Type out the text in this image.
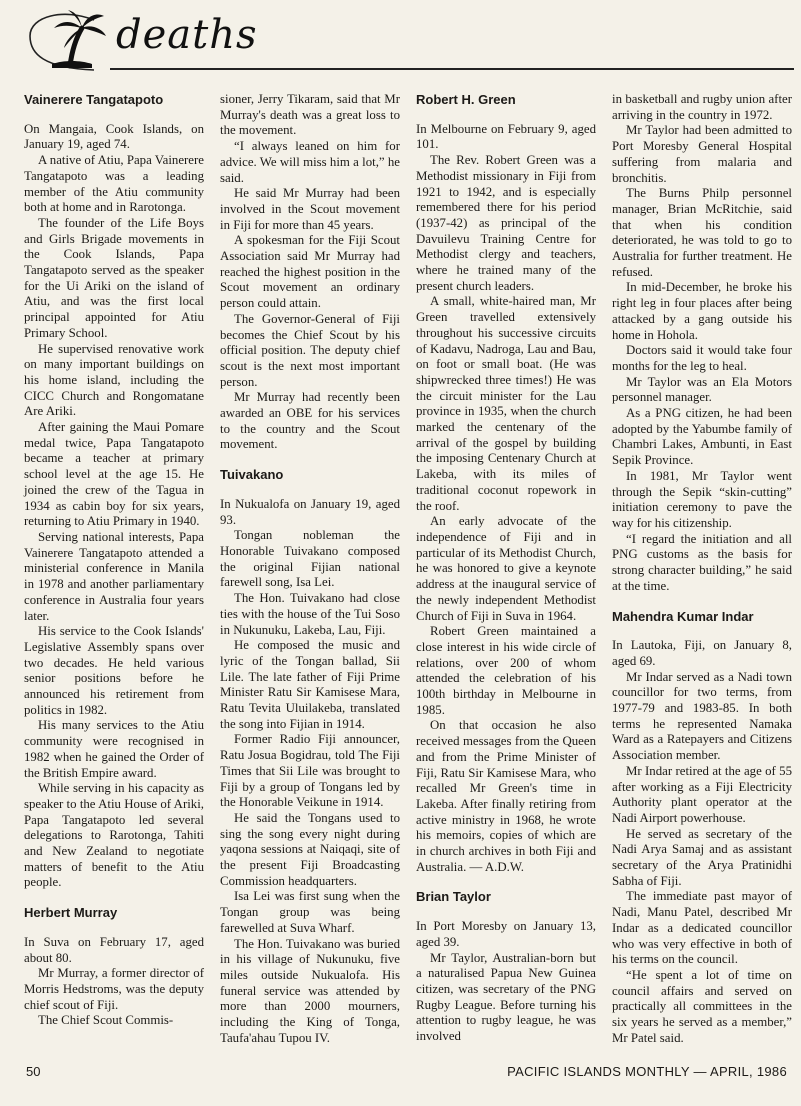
deaths

Vainerere Tangatapoto

On Mangaia, Cook Islands, on January 19, aged 74.

A native of Atiu, Papa Vainerere Tangatapoto was a leading member of the Atiu community both at home and in Rarotonga.

The founder of the Life Boys and Girls Brigade movements in the Cook Islands, Papa Tangatapoto served as the speaker for the Ui Ariki on the island of Atiu, and was the first local principal appointed for Atiu Primary School.

He supervised renovative work on many important buildings on his home island, including the CICC Church and Rongomatane Are Ariki.

After gaining the Maui Pomare medal twice, Papa Tangatapoto became a teacher at primary school level at the age 15. He joined the crew of the Tagua in 1934 as cabin boy for six years, returning to Atiu Primary in 1940.

Serving national interests, Papa Vainerere Tangatapoto attended a ministerial conference in Manila in 1978 and another parliamentary conference in Australia four years later.

His service to the Cook Islands' Legislative Assembly spans over two decades. He held various senior positions before he announced his retirement from politics in 1982.

His many services to the Atiu community were recognised in 1982 when he gained the Order of the British Empire award.

While serving in his capacity as speaker to the Atiu House of Ariki, Papa Tangatapoto led several delegations to Rarotonga, Tahiti and New Zealand to negotiate matters of benefit to the Atiu people.

Herbert Murray

In Suva on February 17, aged about 80.

Mr Murray, a former director of Morris Hedstroms, was the deputy chief scout of Fiji.

The Chief Scout Commis-

sioner, Jerry Tikaram, said that Mr Murray's death was a great loss to the movement.

“I always leaned on him for advice. We will miss him a lot,” he said.

He said Mr Murray had been involved in the Scout movement in Fiji for more than 45 years.

A spokesman for the Fiji Scout Association said Mr Murray had reached the highest position in the Scout movement an ordinary person could attain.

The Governor-General of Fiji becomes the Chief Scout by his official position. The deputy chief scout is the next most important person.

Mr Murray had recently been awarded an OBE for his services to the country and the Scout movement.

Tuivakano

In Nukualofa on January 19, aged 93.

Tongan nobleman the Honorable Tuivakano composed the original Fijian national farewell song, Isa Lei.

The Hon. Tuivakano had close ties with the house of the Tui Soso in Nukunuku, Lakeba, Lau, Fiji.

He composed the music and lyric of the Tongan ballad, Sii Lile. The late father of Fiji Prime Minister Ratu Sir Kamisese Mara, Ratu Tevita Uluilakeba, translated the song into Fijian in 1914.

Former Radio Fiji announcer, Ratu Josua Bogidrau, told The Fiji Times that Sii Lile was brought to Fiji by a group of Tongans led by the Honorable Veikune in 1914.

He said the Tongans used to sing the song every night during yaqona sessions at Naiqaqi, site of the present Fiji Broadcasting Commission headquarters.

Isa Lei was first sung when the Tongan group was being farewelled at Suva Wharf.

The Hon. Tuivakano was buried in his village of Nukunuku, five miles outside Nukualofa. His funeral service was attended by more than 2000 mourners, including the King of Tonga, Taufa'ahau Tupou IV.

Robert H. Green

In Melbourne on February 9, aged 101.

The Rev. Robert Green was a Methodist missionary in Fiji from 1921 to 1942, and is especially remembered there for his period (1937-42) as principal of the Davuilevu Training Centre for Methodist clergy and teachers, where he trained many of the present church leaders.

A small, white-haired man, Mr Green travelled extensively throughout his successive circuits of Kadavu, Nadroga, Lau and Bau, on foot or small boat. (He was shipwrecked three times!) He was the circuit minister for the Lau province in 1935, when the church marked the centenary of the arrival of the gospel by building the imposing Centenary Church at Lakeba, with its miles of traditional coconut ropework in the roof.

An early advocate of the independence of Fiji and in particular of its Methodist Church, he was honored to give a keynote address at the inaugural service of the newly independent Methodist Church of Fiji in Suva in 1964.

Robert Green maintained a close interest in his wide circle of relations, over 200 of whom attended the celebration of his 100th birthday in Melbourne in 1985.

On that occasion he also received messages from the Queen and from the Prime Minister of Fiji, Ratu Sir Kamisese Mara, who recalled Mr Green's time in Lakeba. After finally retiring from active ministry in 1968, he wrote his memoirs, copies of which are in church archives in both Fiji and Australia. — A.D.W.

Brian Taylor

In Port Moresby on January 13, aged 39.

Mr Taylor, Australian-born but a naturalised Papua New Guinea citizen, was secretary of the PNG Rugby League. Before turning his attention to rugby league, he was involved

in basketball and rugby union after arriving in the country in 1972.

Mr Taylor had been admitted to Port Moresby General Hospital suffering from malaria and bronchitis.

The Burns Philp personnel manager, Brian McRitchie, said that when his condition deteriorated, he was told to go to Australia for further treatment. He refused.

In mid-December, he broke his right leg in four places after being attacked by a gang outside his home in Hohola.

Doctors said it would take four months for the leg to heal.

Mr Taylor was an Ela Motors personnel manager.

As a PNG citizen, he had been adopted by the Yabumbe family of Chambri Lakes, Ambunti, in East Sepik Province.

In 1981, Mr Taylor went through the Sepik “skin-cutting” initiation ceremony to pave the way for his citizenship.

“I regard the initiation and all PNG customs as the basis for strong character building,” he said at the time.

Mahendra Kumar Indar

In Lautoka, Fiji, on January 8, aged 69.

Mr Indar served as a Nadi town councillor for two terms, from 1977-79 and 1983-85. In both terms he represented Namaka Ward as a Ratepayers and Citizens Association member.

Mr Indar retired at the age of 55 after working as a Fiji Electricity Authority plant operator at the Nadi Airport powerhouse.

He served as secretary of the Nadi Arya Samaj and as assistant secretary of the Arya Pratinidhi Sabha of Fiji.

The immediate past mayor of Nadi, Manu Patel, described Mr Indar as a dedicated councillor who was very effective in both of his terms on the council.

“He spent a lot of time on council affairs and served on practically all committees in the six years he served as a member,” Mr Patel said.

50	PACIFIC ISLANDS MONTHLY — APRIL, 1986
